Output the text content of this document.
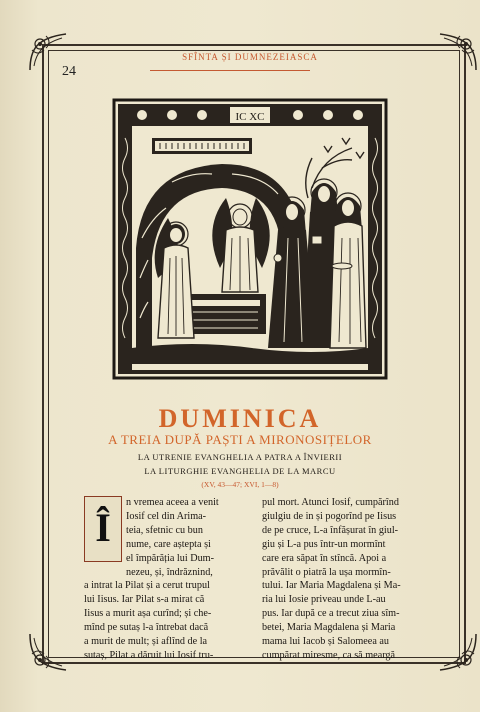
24
SFÎNTA ȘI DUMNEZEIASCA
IC XC
DUMINICA
A TREIA DUPĂ PAȘTI A MIRONOSIȚELOR
LA UTRENIE EVANGHELIA A PATRA A ÎNVIERII
LA LITURGHIE EVANGHELIA DE LA MARCU
(XV, 43—47; XVI, 1—8)
Î
n vremea aceea a venit
Iosif cel din Arima-
teia, sfetnic cu bun
nume, care aștepta și
el împărăția lui Dum-
nezeu, și, îndrăznind,
a intrat la Pilat și a cerut trupul
lui Iisus. Iar Pilat s-a mirat că
Iisus a murit așa curînd; și che-
mînd pe sutaș l-a întrebat dacă
a murit de mult; și aflînd de la
sutaș, Pilat a dăruit lui Iosif tru-
pul mort. Atunci Iosif, cumpărînd
giulgiu de in și pogorînd pe Iisus
de pe cruce, L-a înfășurat în giul-
giu și L-a pus într-un mormînt
care era săpat în stîncă. Apoi a
prăvălit o piatră la ușa mormîn-
tului. Iar Maria Magdalena și Ma-
ria lui Iosie priveau unde L-au
pus. Iar după ce a trecut ziua sîm-
betei, Maria Magdalena și Maria
mama lui Iacob și Salomeea au
cumpărat miresme, ca să meargă
